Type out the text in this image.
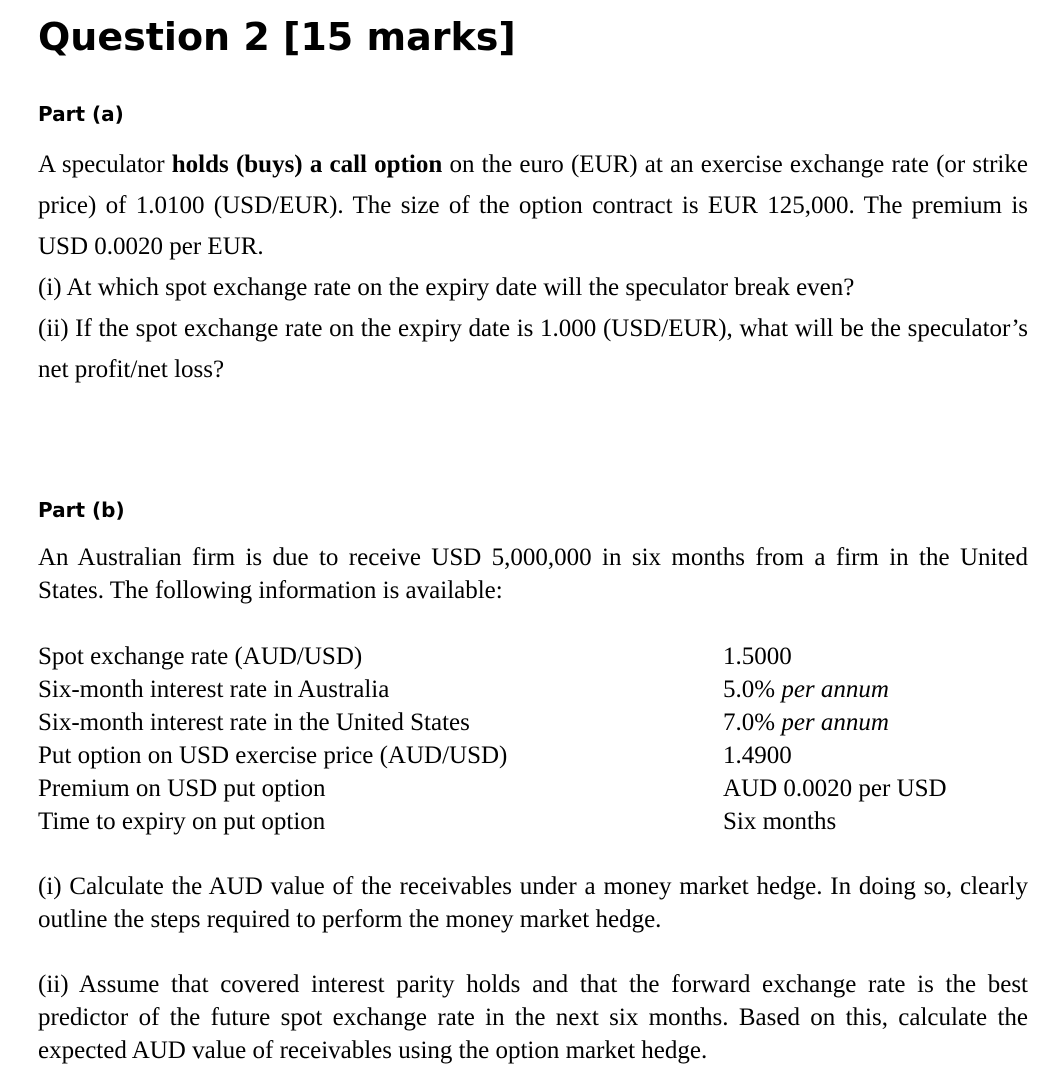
Question 2 [15 marks]
Part (a)

A speculator holds (buys) a call option on the euro (EUR) at an exercise exchange rate (or strike price) of 1.0100 (USD/EUR). The size of the option contract is EUR 125,000. The premium is USD 0.0020 per EUR.

(i) At which spot exchange rate on the expiry date will the speculator break even?

(ii) If the spot exchange rate on the expiry date is 1.000 (USD/EUR), what will be the speculator’s net profit/net loss?

Part (b)

An Australian firm is due to receive USD 5,000,000 in six months from a firm in the United States. The following information is available:

Spot exchange rate (AUD/USD)	1.5000
Six-month interest rate in Australia	5.0% per annum
Six-month interest rate in the United States	7.0% per annum
Put option on USD exercise price (AUD/USD)	1.4900
Premium on USD put option	AUD 0.0020 per USD
Time to expiry on put option	Six months

(i) Calculate the AUD value of the receivables under a money market hedge. In doing so, clearly outline the steps required to perform the money market hedge.

(ii) Assume that covered interest parity holds and that the forward exchange rate is the best predictor of the future spot exchange rate in the next six months. Based on this, calculate the expected AUD value of receivables using the option market hedge.
